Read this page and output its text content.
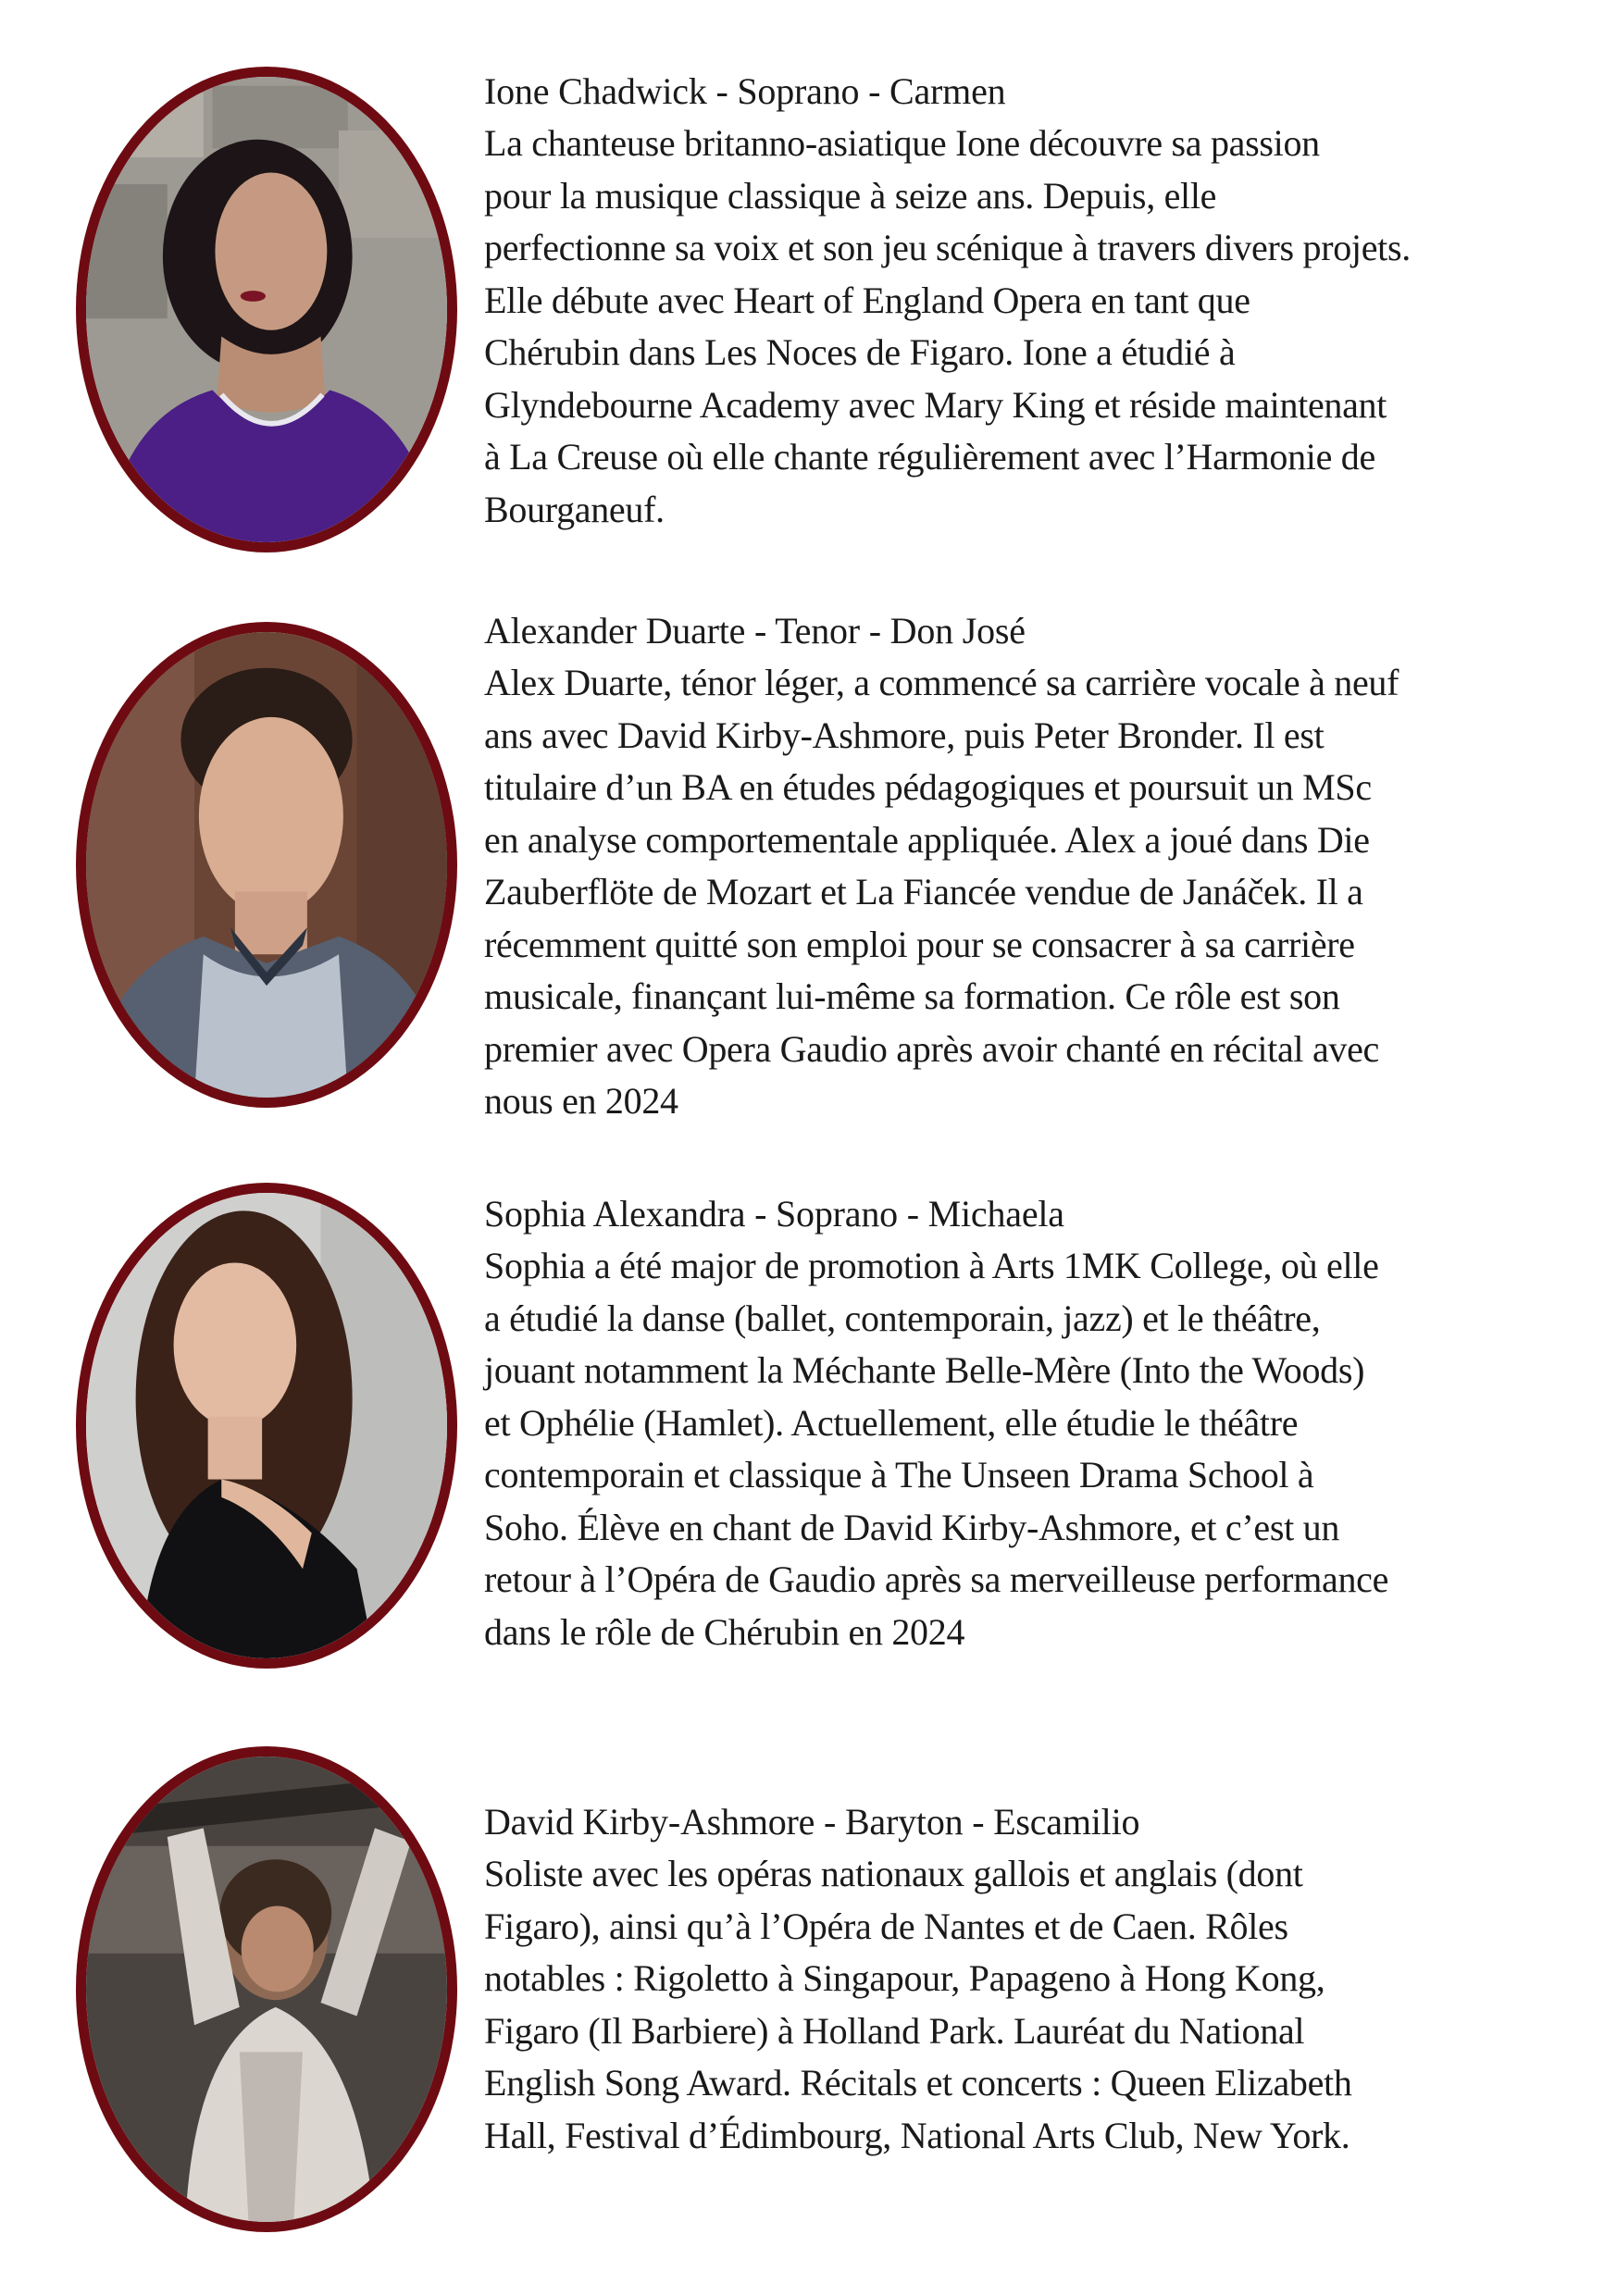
Ione Chadwick - Soprano - Carmen

La chanteuse britanno-asiatique Ione découvre sa passion

pour la musique classique à seize ans. Depuis, elle

perfectionne sa voix et son jeu scénique à travers divers projets.

Elle débute avec Heart of England Opera en tant que

Chérubin dans Les Noces de Figaro. Ione a étudié à

Glyndebourne Academy avec Mary King et réside maintenant

à La Creuse où elle chante régulièrement avec l’Harmonie de

Bourganeuf.

Alexander Duarte - Tenor - Don José

Alex Duarte, ténor léger, a commencé sa carrière vocale à neuf

ans avec David Kirby-Ashmore, puis Peter Bronder. Il est

titulaire d’un BA en études pédagogiques et poursuit un MSc

en analyse comportementale appliquée. Alex a joué dans Die

Zauberflöte de Mozart et La Fiancée vendue de Janáček. Il a

récemment quitté son emploi pour se consacrer à sa carrière

musicale, finançant lui-même sa formation. Ce rôle est son

premier avec Opera Gaudio après avoir chanté en récital avec

nous en 2024

Sophia Alexandra - Soprano - Michaela

Sophia a été major de promotion à Arts 1MK College, où elle

a étudié la danse (ballet, contemporain, jazz) et le théâtre,

jouant notamment la Méchante Belle-Mère (Into the Woods)

et Ophélie (Hamlet). Actuellement, elle étudie le théâtre

contemporain et classique à The Unseen Drama School à

Soho. Élève en chant de David Kirby-Ashmore, et c’est un

retour à l’Opéra de Gaudio après sa merveilleuse performance

dans le rôle de Chérubin en 2024

David Kirby-Ashmore - Baryton - Escamilio

Soliste avec les opéras nationaux gallois et anglais (dont

Figaro), ainsi qu’à l’Opéra de Nantes et de Caen. Rôles

notables : Rigoletto à Singapour, Papageno à Hong Kong,

Figaro (Il Barbiere) à Holland Park. Lauréat du National

English Song Award. Récitals et concerts : Queen Elizabeth

Hall, Festival d’Édimbourg, National Arts Club, New York.
